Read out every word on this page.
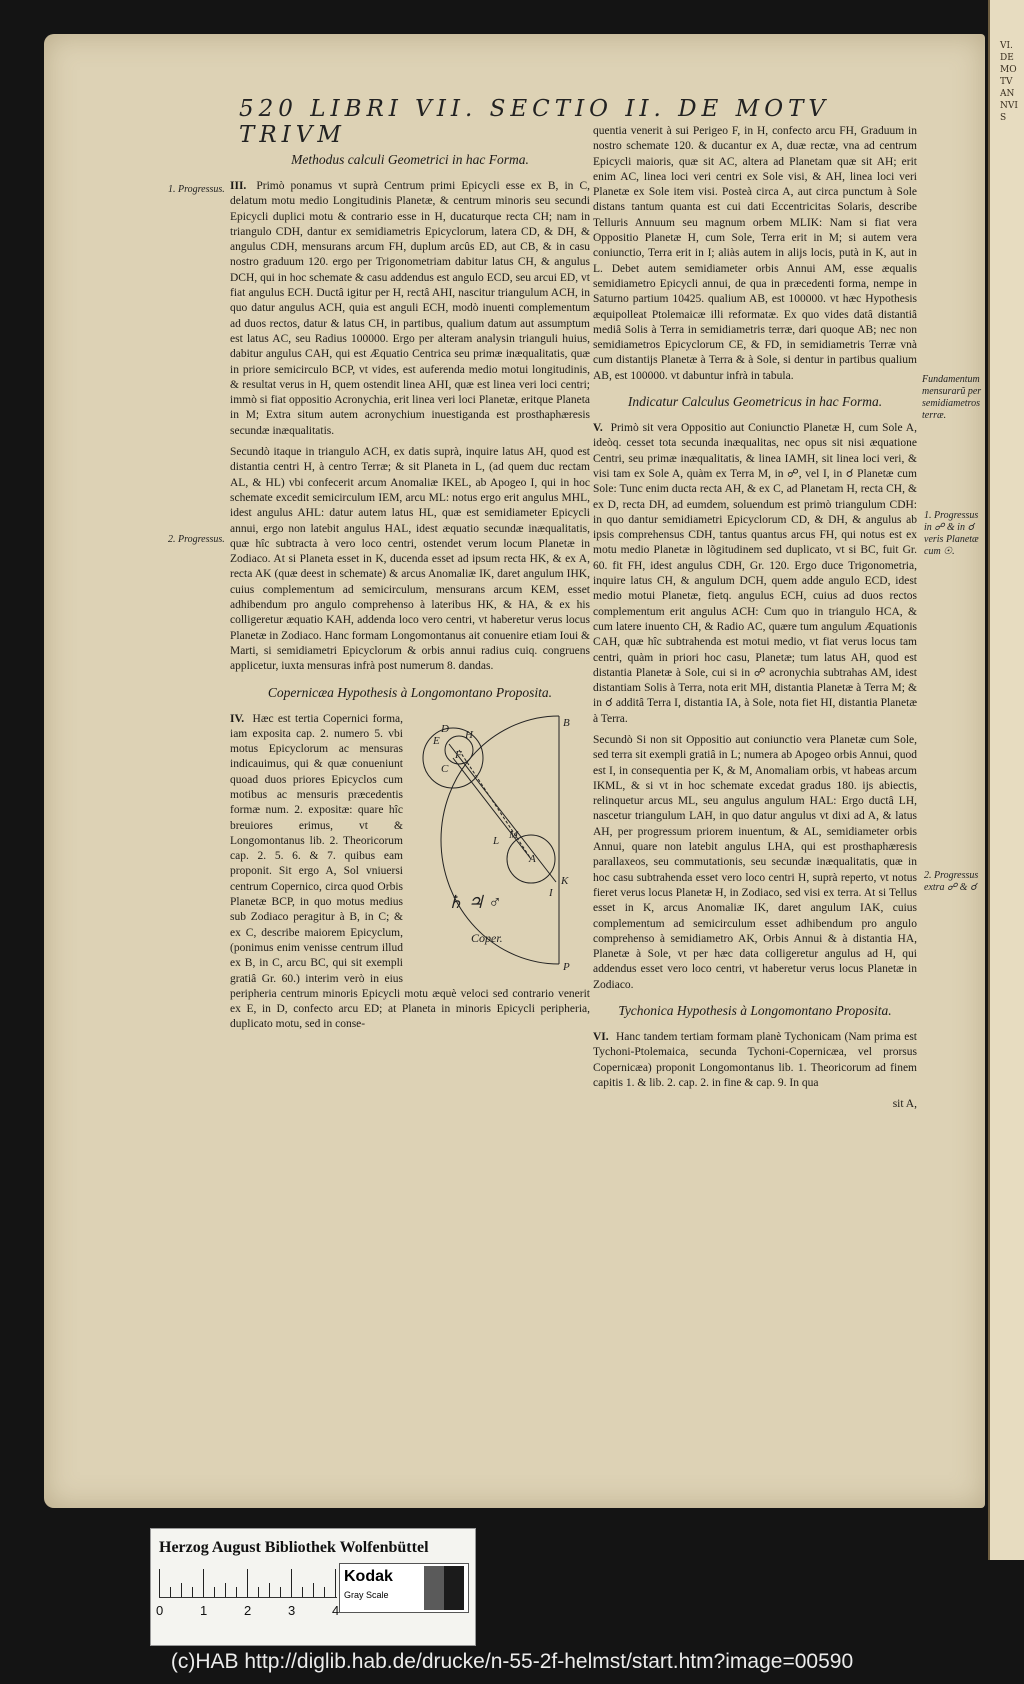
VI. DE MOTV ANNVIS
520 LIBRI VII. SECTIO II. DE MOTV TRIVM
1. Progressus.
2. Progressus.
Fundamentum mensurarũ per semidiametros terræ.
1. Progressus in ☍ & in ☌ veris Planetæ cum ☉.
2. Progressus extra ☍ & ☌
Methodus calculi Geometrici in hac Forma.

III. Primò ponamus vt suprà Centrum primi Epicycli esse ex B, in C, delatum motu medio Longitudinis Planetæ, & centrum minoris seu secundi Epicycli duplici motu & contrario esse in H, ducaturque recta CH; nam in triangulo CDH, dantur ex semidiametris Epicyclorum, latera CD, & DH, & angulus CDH, mensurans arcum FH, duplum arcûs ED, aut CB, & in casu nostro graduum 120. ergo per Trigonometriam dabitur latus CH, & angulus DCH, qui in hoc schemate & casu addendus est angulo ECD, seu arcui ED, vt fiat angulus ECH. Ductâ igitur per H, rectâ AHI, nascitur triangulum ACH, in quo datur angulus ACH, quia est anguli ECH, modò inuenti complementum ad duos rectos, datur & latus CH, in partibus, qualium datum aut assumptum est latus AC, seu Radius 100000. Ergo per alteram analysin trianguli huius, dabitur angulus CAH, qui est Æquatio Centrica seu primæ inæqualitatis, quæ in priore semicirculo BCP, vt vides, est auferenda medio motui longitudinis, & resultat verus in H, quem ostendit linea AHI, quæ est linea veri loci centri; immò si fiat oppositio Acronychia, erit linea veri loci Planetæ, eritque Planeta in M; Extra situm autem acronychium inuestiganda est prosthaphæresis secundæ inæqualitatis.

Secundò itaque in triangulo ACH, ex datis suprà, inquire latus AH, quod est distantia centri H, à centro Terræ; & sit Planeta in L, (ad quem duc rectam AL, & HL) vbi confecerit arcum Anomaliæ IKEL, ab Apogeo I, qui in hoc schemate excedit semicirculum IEM, arcu ML: notus ergo erit angulus MHL, idest angulus AHL: datur autem latus HL, quæ est semidiameter Epicycli annui, ergo non latebit angulus HAL, idest æquatio secundæ inæqualitatis, quæ hîc subtracta à vero loco centri, ostendet verum locum Planetæ in Zodiaco. At si Planeta esset in K, ducenda esset ad ipsum recta HK, & ex A, recta AK (quæ deest in schemate) & arcus Anomaliæ IK, daret angulum IHK, cuius complementum ad semicirculum, mensurans arcum KEM, esset adhibendum pro angulo comprehenso à lateribus HK, & HA, & ex his colligeretur æquatio KAH, addenda loco vero centri, vt haberetur verus locus Planetæ in Zodiaco. Hanc formam Longomontanus ait conuenire etiam Ioui & Marti, si semidiametri Epicyclorum & orbis annui radius cuiq. congruens applicetur, iuxta mensuras infrà post numerum 8. dandas.

Copernicæa Hypothesis à Longomontano Proposita.
D
E H
F
C
B
M
L
A
K
I
P
♄ ♃ ♂
Coper.
IV. Hæc est tertia Copernici forma, iam exposita cap. 2. numero 5. vbi motus Epicyclorum ac mensuras indicauimus, qui & quæ conueniunt quoad duos priores Epicyclos cum motibus ac mensuris præcedentis formæ num. 2. expositæ: quare hîc breuiores erimus, vt & Longomontanus lib. 2. Theoricorum cap. 2. 5. 6. & 7. quibus eam proponit. Sit ergo A, Sol vniuersi centrum Copernico, circa quod Orbis Planetæ BCP, in quo motus medius sub Zodiaco peragitur à B, in C; & ex C, describe maiorem Epicyclum, (ponimus enim venisse centrum illud ex B, in C, arcu BC, qui sit exempli gratiâ Gr. 60.) interim verò in eius peripheria centrum minoris Epicycli motu æquè veloci sed contrario venerit ex E, in D, confecto arcu ED; at Planeta in minoris Epicycli peripheria, duplicato motu, sed in conse-

quentia venerit à sui Perigeo F, in H, confecto arcu FH, Graduum in nostro schemate 120. & ducantur ex A, duæ rectæ, vna ad centrum Epicycli maioris, quæ sit AC, altera ad Planetam quæ sit AH; erit enim AC, linea loci veri centri ex Sole visi, & AH, linea loci veri Planetæ ex Sole item visi. Posteà circa A, aut circa punctum à Sole distans tantum quanta est cui dati Eccentricitas Solaris, describe Telluris Annuum seu magnum orbem MLIK: Nam si fiat vera Oppositio Planetæ H, cum Sole, Terra erit in M; si autem vera coniunctio, Terra erit in I; aliàs autem in alijs locis, putà in K, aut in L. Debet autem semidiameter orbis Annui AM, esse æqualis semidiametro Epicycli annui, de qua in præcedenti forma, nempe in Saturno partium 10425. qualium AB, est 100000. vt hæc Hypothesis æquipolleat Ptolemaicæ illi reformatæ. Ex quo vides datâ distantiâ mediâ Solis à Terra in semidiametris terræ, dari quoque AB; nec non semidiametros Epicyclorum CE, & FD, in semidiametris Terræ vnà cum distantijs Planetæ à Terra & à Sole, si dentur in partibus qualium AB, est 100000. vt dabuntur infrà in tabula.

Indicatur Calculus Geometricus in hac Forma.

V. Primò sit vera Oppositio aut Coniunctio Planetæ H, cum Sole A, ideòq. cesset tota secunda inæqualitas, nec opus sit nisi æquatione Centri, seu primæ inæqualitatis, & linea IAMH, sit linea loci veri, & visi tam ex Sole A, quàm ex Terra M, in ☍, vel I, in ☌ Planetæ cum Sole: Tunc enim ducta recta AH, & ex C, ad Planetam H, recta CH, & ex D, recta DH, ad eumdem, soluendum est primò triangulum CDH: in quo dantur semidiametri Epicyclorum CD, & DH, & angulus ab ipsis comprehensus CDH, tantus quantus arcus FH, qui notus est ex motu medio Planetæ in lõgitudinem sed duplicato, vt si BC, fuit Gr. 60. fit FH, idest angulus CDH, Gr. 120. Ergo duce Trigonometria, inquire latus CH, & angulum DCH, quem adde angulo ECD, idest medio motui Planetæ, fietq. angulus ECH, cuius ad duos rectos complementum erit angulus ACH: Cum quo in triangulo HCA, & cum latere inuento CH, & Radio AC, quære tum angulum Æquationis CAH, quæ hîc subtrahenda est motui medio, vt fiat verus locus tam centri, quàm in priori hoc casu, Planetæ; tum latus AH, quod est distantia Planetæ à Sole, cui si in ☍ acronychia subtrahas AM, idest distantiam Solis à Terra, nota erit MH, distantia Planetæ à Terra M; & in ☌ additâ Terra I, distantia IA, à Sole, nota fiet HI, distantia Planetæ à Terra.

Secundò Si non sit Oppositio aut coniunctio vera Planetæ cum Sole, sed terra sit exempli gratiâ in L; numera ab Apogeo orbis Annui, quod est I, in consequentia per K, & M, Anomaliam orbis, vt habeas arcum IKML, & si vt in hoc schemate excedat gradus 180. ijs abiectis, relinquetur arcus ML, seu angulus angulum HAL: Ergo ductâ LH, nascetur triangulum LAH, in quo datur angulus vt dixi ad A, & latus AH, per progressum priorem inuentum, & AL, semidiameter orbis Annui, quare non latebit angulus LHA, qui est prosthaphæresis parallaxeos, seu commutationis, seu secundæ inæqualitatis, quæ in hoc casu subtrahenda esset vero loco centri H, suprà reperto, vt notus fieret verus locus Planetæ H, in Zodiaco, sed visi ex terra. At si Tellus esset in K, arcus Anomaliæ IK, daret angulum IAK, cuius complementum ad semicirculum esset adhibendum pro angulo comprehenso à semidiametro AK, Orbis Annui & à distantia HA, Planetæ à Sole, vt per hæc data colligeretur angulus ad H, qui addendus esset vero loco centri, vt haberetur verus locus Planetæ in Zodiaco.

Tychonica Hypothesis à Longomontano Proposita.

VI. Hanc tandem tertiam formam planè Tychonicam (Nam prima est Tychoni-Ptolemaica, secunda Tychoni-Copernicæa, vel prorsus Copernicæa) proponit Longomontanus lib. 1. Theoricorum ad finem capitis 1. & lib. 2. cap. 2. in fine & cap. 9. In qua

sit A,
Herzog August Bibliothek Wolfenbüttel
0	1	2	3	4
Kodak
Gray Scale
(c)HAB http://diglib.hab.de/drucke/n-55-2f-helmst/start.htm?image=00590
